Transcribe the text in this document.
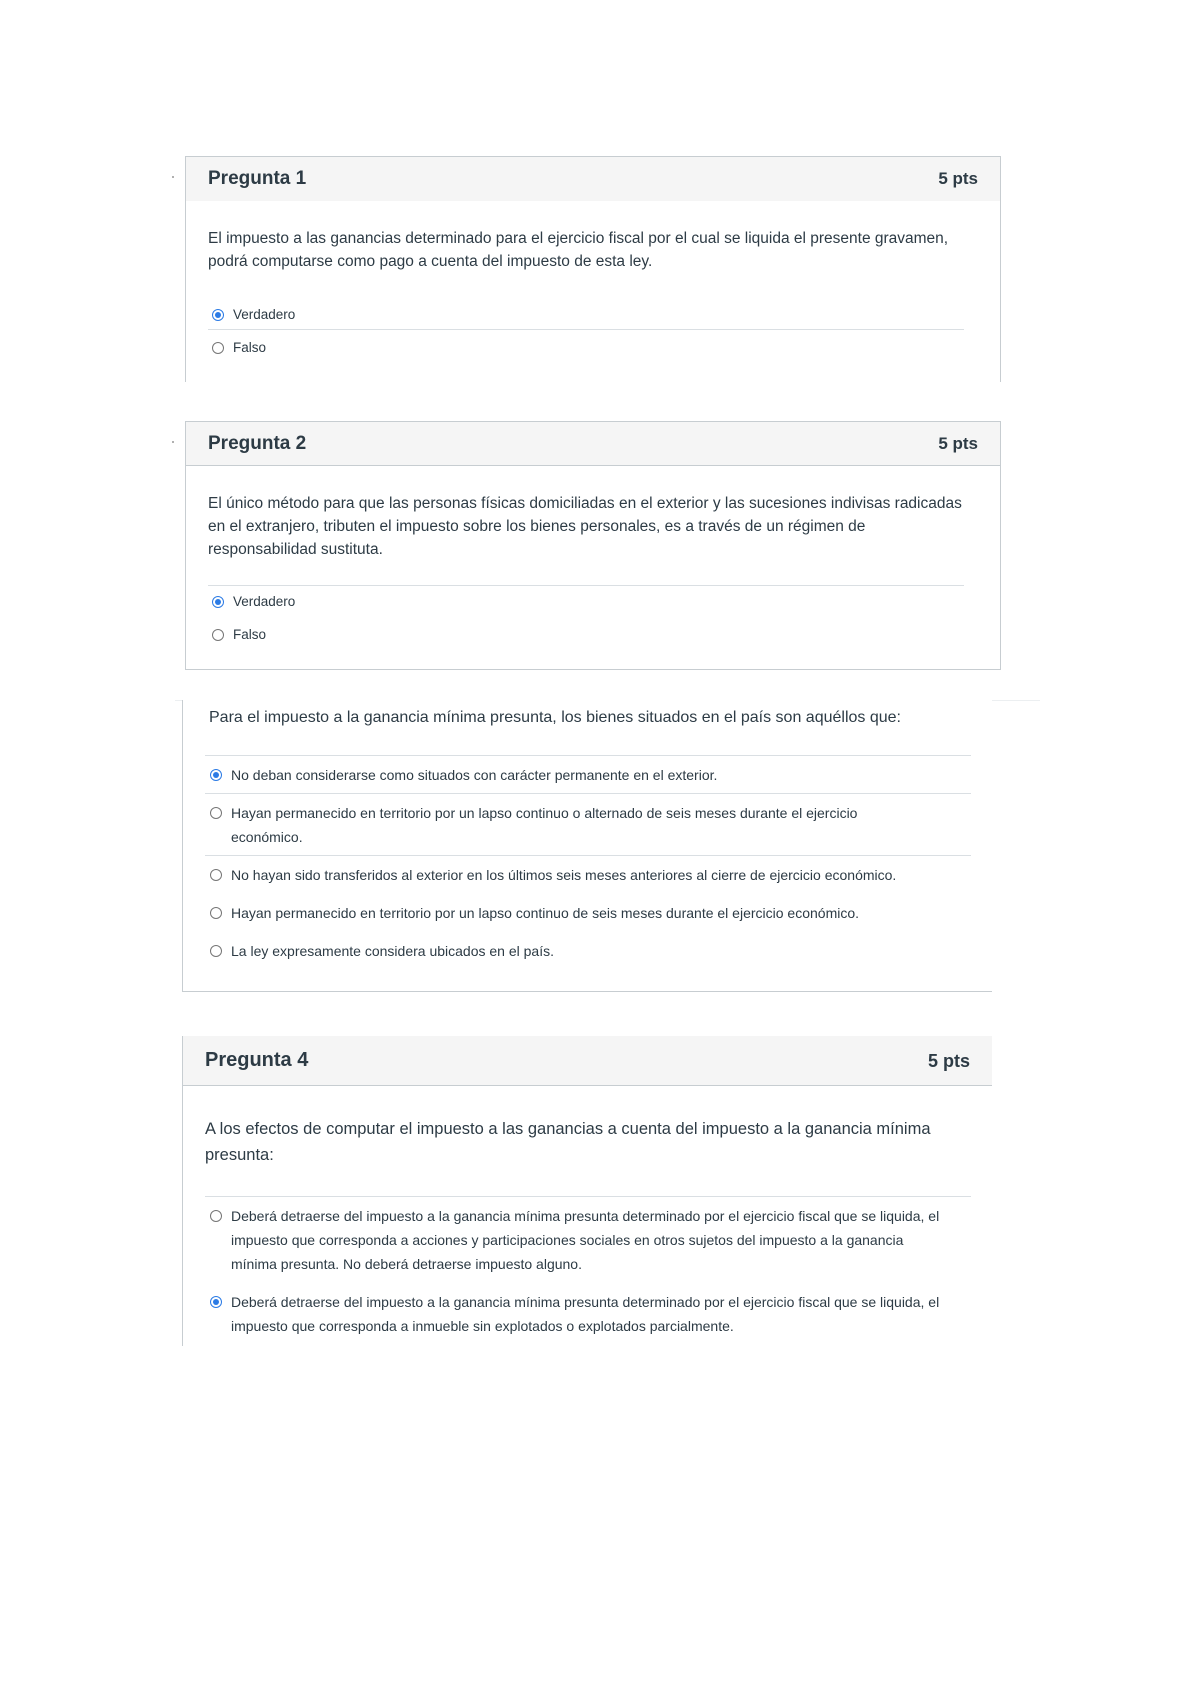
Pregunta 1	5 pts
El impuesto a las ganancias determinado para el ejercicio fiscal por el cual se liquida el presente gravamen, podrá computarse como pago a cuenta del impuesto de esta ley.
Verdadero
Falso
Pregunta 2	5 pts
El único método para que las personas físicas domiciliadas en el exterior y las sucesiones indivisas radicadas en el extranjero, tributen el impuesto sobre los bienes personales, es a través de un régimen de responsabilidad sustituta.
Verdadero
Falso
Para el impuesto a la ganancia mínima presunta, los bienes situados en el país son aquéllos que:
No deban considerarse como situados con carácter permanente en el exterior.
Hayan permanecido en territorio por un lapso continuo o alternado de seis meses durante el ejercicio económico.
No hayan sido transferidos al exterior en los últimos seis meses anteriores al cierre de ejercicio económico.
Hayan permanecido en territorio por un lapso continuo de seis meses durante el ejercicio económico.
La ley expresamente considera ubicados en el país.
Pregunta 4	5 pts
A los efectos de computar el impuesto a las ganancias a cuenta del impuesto a la ganancia mínima presunta:
Deberá detraerse del impuesto a la ganancia mínima presunta determinado por el ejercicio fiscal que se liquida, el impuesto que corresponda a acciones y participaciones sociales en otros sujetos del impuesto a la ganancia mínima presunta. No deberá detraerse impuesto alguno.
Deberá detraerse del impuesto a la ganancia mínima presunta determinado por el ejercicio fiscal que se liquida, el impuesto que corresponda a inmueble sin explotados o explotados parcialmente.
